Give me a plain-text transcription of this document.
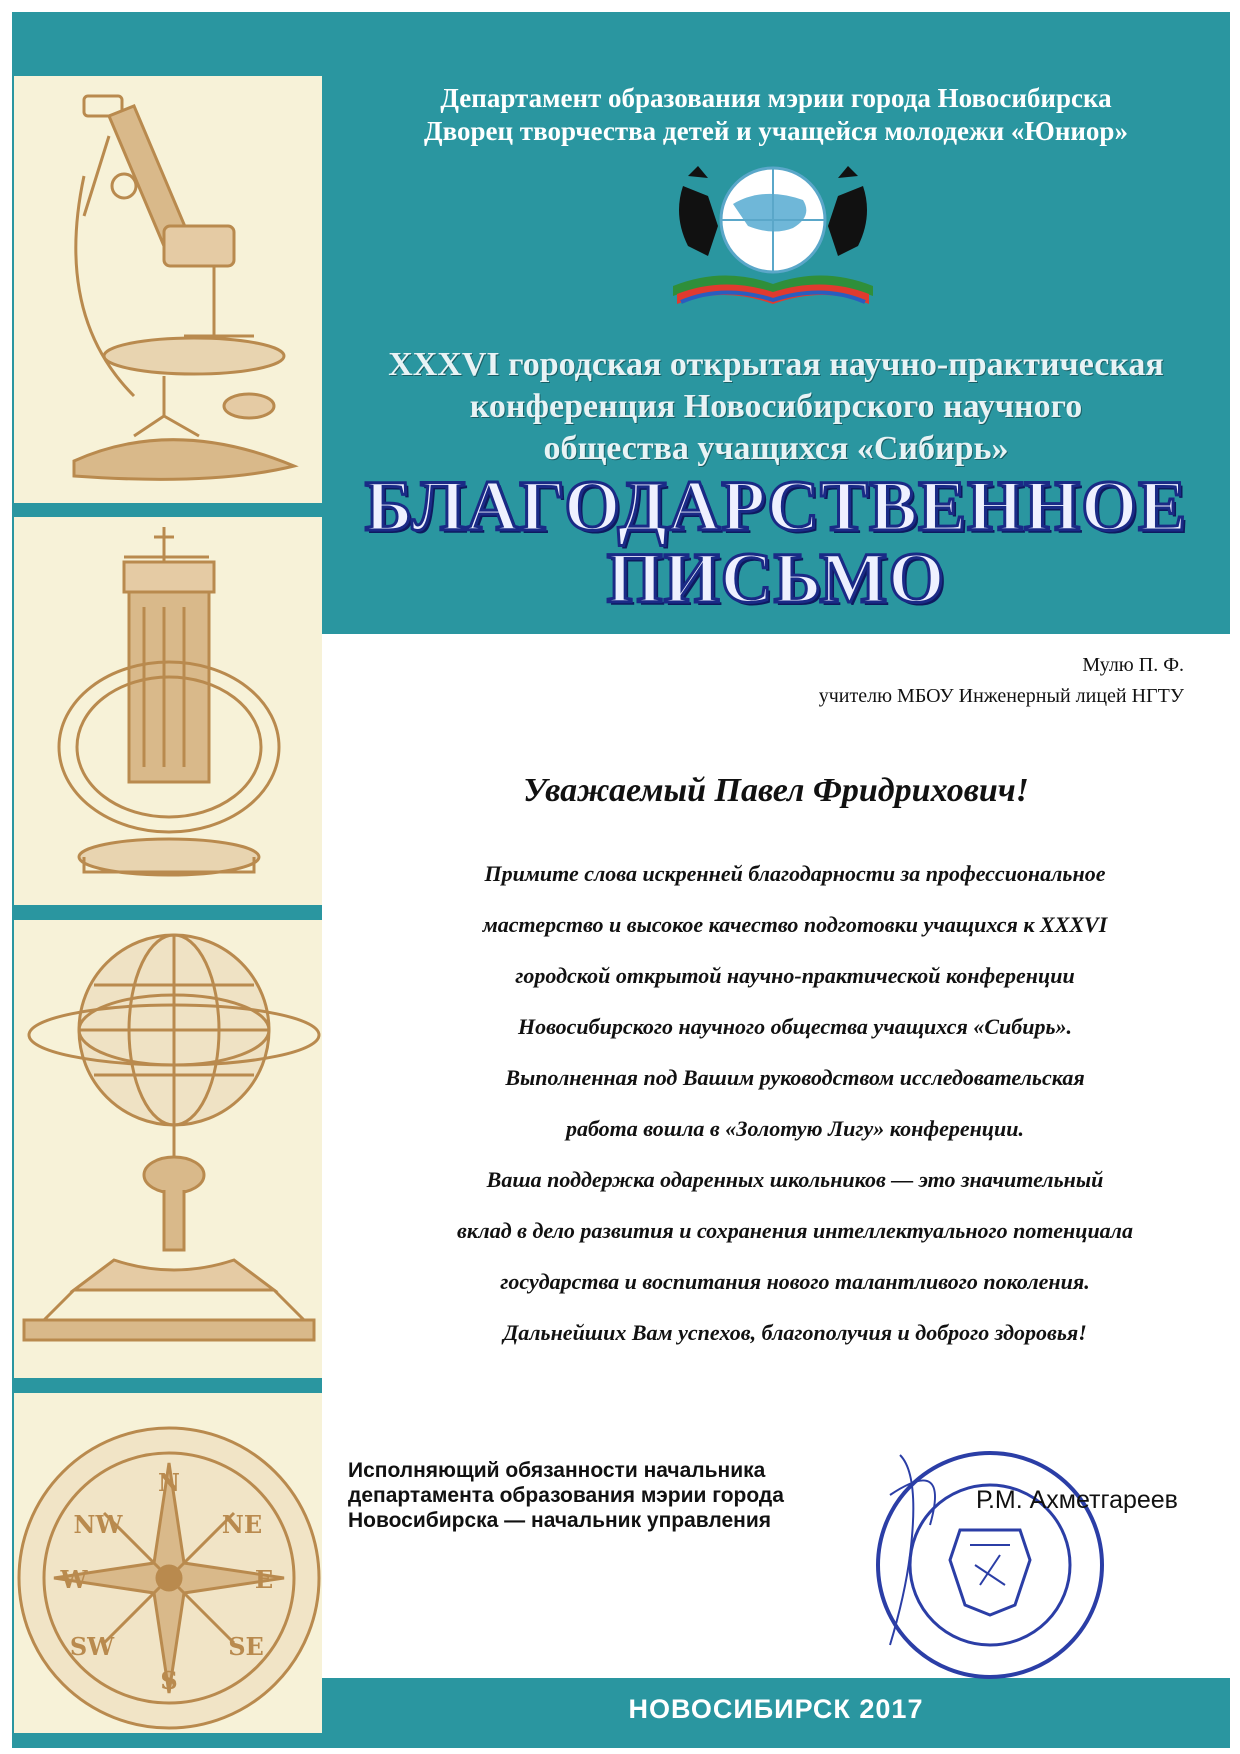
N
NE
E
SE
S
SW
W
NW
Департамент образования мэрии города Новосибирска
Дворец творчества детей и учащейся молодежи «Юниор»
XXXVI городская открытая научно-практическая
конференция Новосибирского научного
общества учащихся «Сибирь»
БЛАГОДАРСТВЕННОЕ
ПИСЬМО
Мулю П. Ф.
учителю МБОУ Инженерный лицей НГТУ
Уважаемый Павел Фридрихович!
Примите слова искренней благодарности за профессиональное
мастерство и высокое качество подготовки учащихся к XXXVI
городской открытой научно-практической конференции
Новосибирского научного общества учащихся «Сибирь».
Выполненная под Вашим руководством исследовательская
работа вошла в «Золотую Лигу» конференции.
Ваша поддержка одаренных школьников — это значительный
вклад в дело развития и сохранения интеллектуального потенциала
государства и воспитания нового талантливого поколения.
Дальнейших Вам успехов, благополучия и доброго здоровья!
Исполняющий обязанности начальника
департамента образования мэрии города
Новосибирска — начальник управления
Р.М. Ахметгареев
НОВОСИБИРСК 2017
